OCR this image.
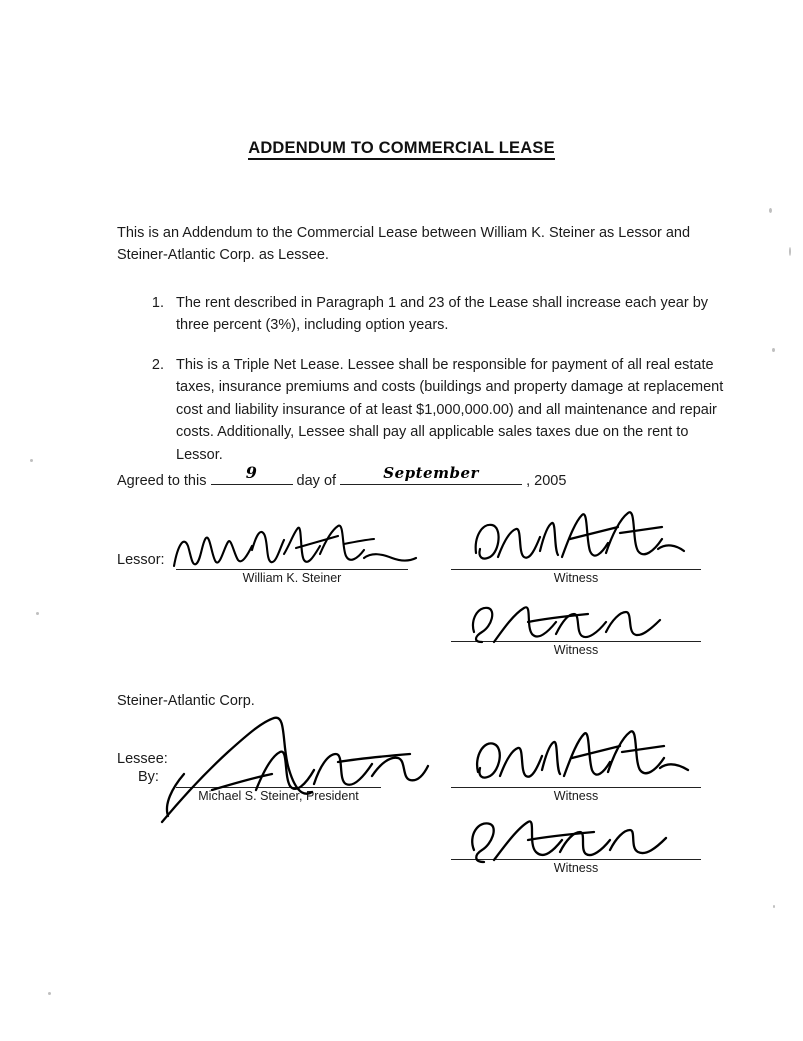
ADDENDUM TO COMMERCIAL LEASE
This is an Addendum to the Commercial Lease between William K. Steiner as Lessor and Steiner-Atlantic Corp. as Lessee.
1. The rent described in Paragraph 1 and 23 of the Lease shall increase each year by three percent (3%), including option years.
2. This is a Triple Net Lease. Lessee shall be responsible for payment of all real estate taxes, insurance premiums and costs (buildings and property damage at replacement cost and liability insurance of at least $1,000,000.00) and all maintenance and repair costs. Additionally, Lessee shall pay all applicable sales taxes due on the rent to Lessor.
Agreed to this	9	day of	September	, 2005
Lessor:
William K. Steiner	Witness
Witness
Steiner-Atlantic Corp.
Lessee:
By:
Michael S. Steiner, President	Witness
Witness
